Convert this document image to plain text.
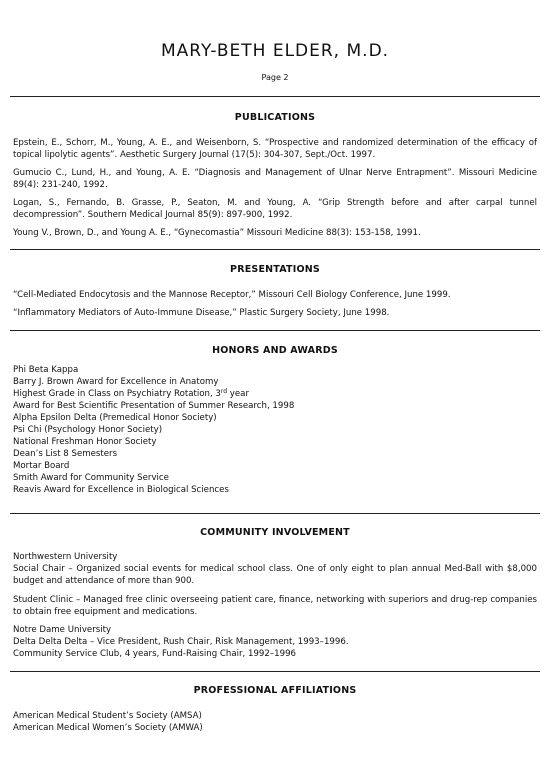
MARY-BETH ELDER, M.D.
Page 2
PUBLICATIONS
Epstein, E., Schorr, M., Young, A. E., and Weisenborn, S. “Prospective and randomized determination of the efficacy of topical lipolytic agents”. Aesthetic Surgery Journal (17(5): 304-307, Sept./Oct. 1997.
Gumucio C., Lund, H., and Young, A. E. “Diagnosis and Management of Ulnar Nerve Entrapment”. Missouri Medicine 89(4): 231-240, 1992.
Logan, S., Fernando, B. Grasse, P., Seaton, M. and Young, A. “Grip Strength before and after carpal tunnel decompression”. Southern Medical Journal 85(9): 897-900, 1992.
Young V., Brown, D., and Young A. E., “Gynecomastia” Missouri Medicine 88(3): 153-158, 1991.
PRESENTATIONS
“Cell-Mediated Endocytosis and the Mannose Receptor,” Missouri Cell Biology Conference, June 1999.
“Inflammatory Mediators of Auto-Immune Disease,” Plastic Surgery Society, June 1998.
HONORS AND AWARDS
Phi Beta Kappa
Barry J. Brown Award for Excellence in Anatomy
Highest Grade in Class on Psychiatry Rotation, 3rd year
Award for Best Scientific Presentation of Summer Research, 1998
Alpha Epsilon Delta (Premedical Honor Society)
Psi Chi (Psychology Honor Society)
National Freshman Honor Society
Dean’s List 8 Semesters
Mortar Board
Smith Award for Community Service
Reavis Award for Excellence in Biological Sciences
COMMUNITY INVOLVEMENT
Northwestern University
Social Chair – Organized social events for medical school class. One of only eight to plan annual Med-Ball with $8,000 budget and attendance of more than 900.
Student Clinic – Managed free clinic overseeing patient care, finance, networking with superiors and drug-rep companies to obtain free equipment and medications.
Notre Dame University
Delta Delta Delta – Vice President, Rush Chair, Risk Management, 1993–1996.
Community Service Club, 4 years, Fund-Raising Chair, 1992–1996
PROFESSIONAL AFFILIATIONS
American Medical Student’s Society (AMSA)
American Medical Women’s Society (AMWA)
